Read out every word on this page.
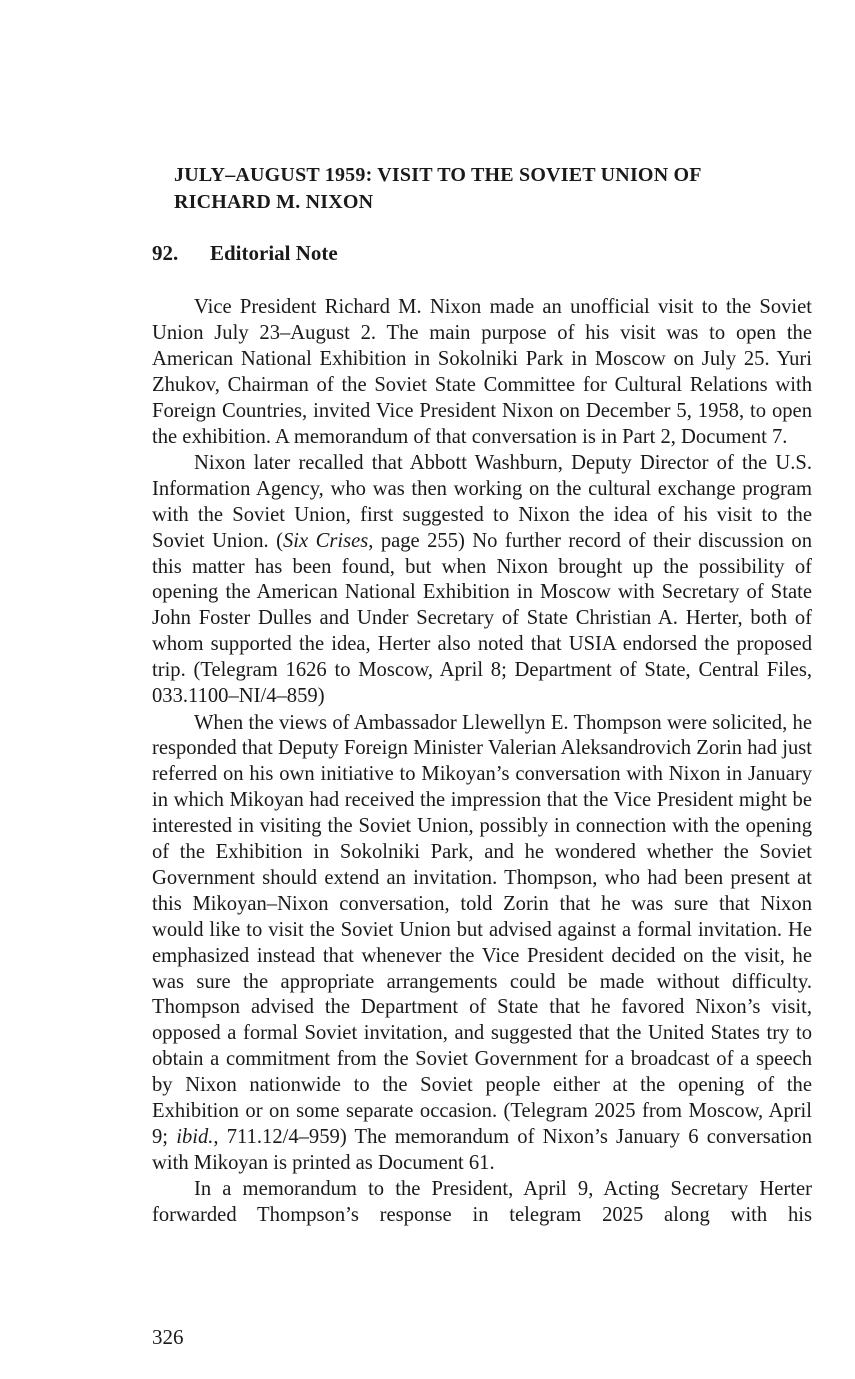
JULY–AUGUST 1959: VISIT TO THE SOVIET UNION OF
RICHARD M. NIXON
92. Editorial Note

Vice President Richard M. Nixon made an unofficial visit to the Soviet Union July 23–August 2. The main purpose of his visit was to open the American National Exhibition in Sokolniki Park in Moscow on July 25. Yuri Zhukov, Chairman of the Soviet State Committee for Cultural Relations with Foreign Countries, invited Vice President Nixon on December 5, 1958, to open the exhibition. A memorandum of that conversation is in Part 2, Document 7.

Nixon later recalled that Abbott Washburn, Deputy Director of the U.S. Information Agency, who was then working on the cultural exchange program with the Soviet Union, first suggested to Nixon the idea of his visit to the Soviet Union. (Six Crises, page 255) No further record of their discussion on this matter has been found, but when Nixon brought up the possibility of opening the American National Exhibition in Moscow with Secretary of State John Foster Dulles and Under Secretary of State Christian A. Herter, both of whom supported the idea, Herter also noted that USIA endorsed the proposed trip. (Telegram 1626 to Moscow, April 8; Department of State, Central Files, 033.1100–NI/4–859)

When the views of Ambassador Llewellyn E. Thompson were solicited, he responded that Deputy Foreign Minister Valerian Aleksandrovich Zorin had just referred on his own initiative to Mikoyan’s conversation with Nixon in January in which Mikoyan had received the impression that the Vice President might be interested in visiting the Soviet Union, possibly in connection with the opening of the Exhibition in Sokolniki Park, and he wondered whether the Soviet Government should extend an invitation. Thompson, who had been present at this Mikoyan–Nixon conversation, told Zorin that he was sure that Nixon would like to visit the Soviet Union but advised against a formal invitation. He emphasized instead that whenever the Vice President decided on the visit, he was sure the appropriate arrangements could be made without difficulty. Thompson advised the Department of State that he favored Nixon’s visit, opposed a formal Soviet invitation, and suggested that the United States try to obtain a commitment from the Soviet Government for a broadcast of a speech by Nixon nationwide to the Soviet people either at the opening of the Exhibition or on some separate occasion. (Telegram 2025 from Moscow, April 9; ibid., 711.12/4–959) The memorandum of Nixon’s January 6 conversation with Mikoyan is printed as Document 61.

In a memorandum to the President, April 9, Acting Secretary Herter forwarded Thompson’s response in telegram 2025 along with his

326
